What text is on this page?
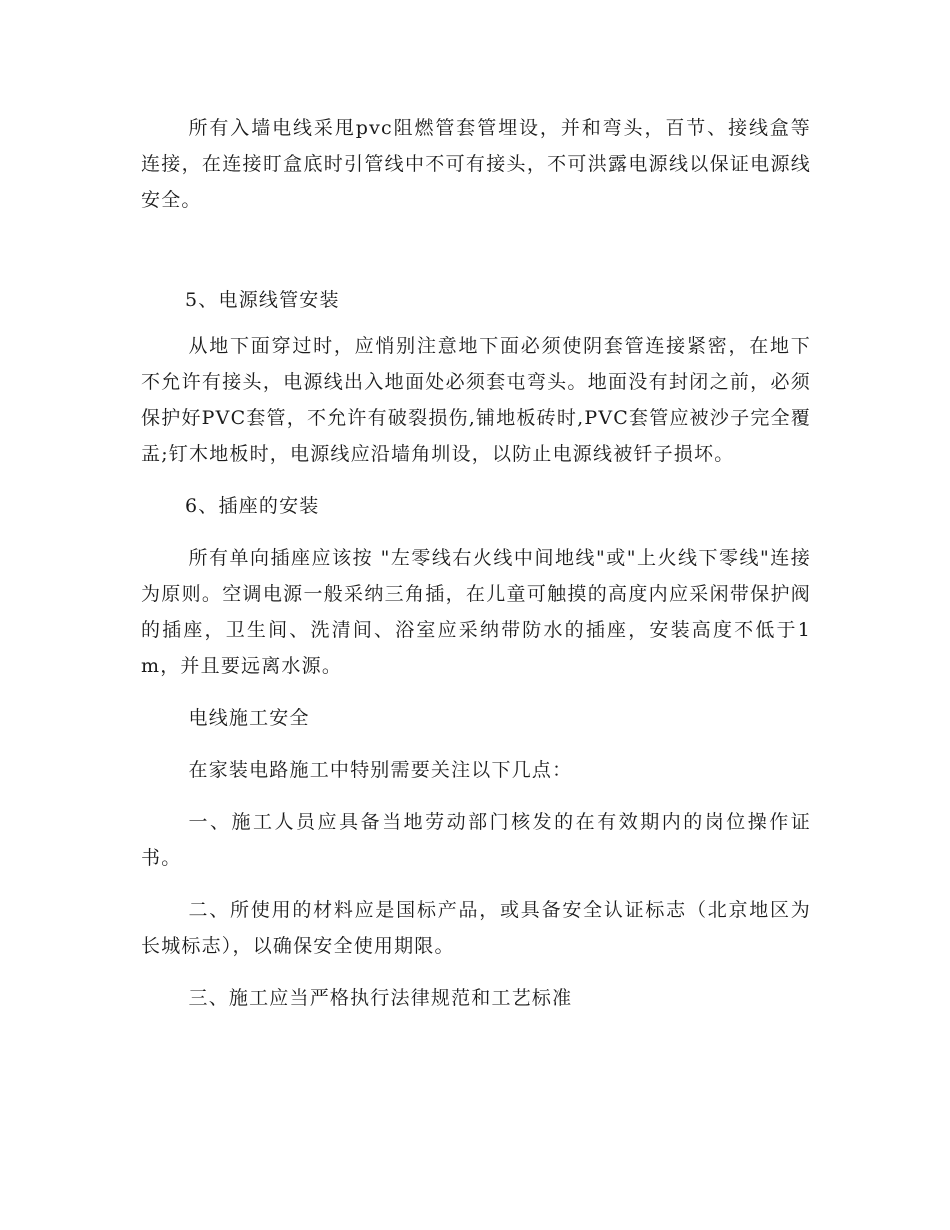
所有入墙电线采甩pvc阻燃管套管埋设，并和弯头，百节、接线盒等连接，在连接盯盒底时引管线中不可有接头，不可洪露电源线以保证电源线安全。

5、电源线管安装

从地下面穿过时，应悄别注意地下面必须使阴套管连接紧密，在地下不允许有接头，电源线出入地面处必须套屯弯头。地面没有封闭之前，必须保护好PVC套管，不允许有破裂损伤,铺地板砖时,PVC套管应被沙子完全覆盂;钉木地板时，电源线应沿墙角圳设，以防止电源线被钎子损坏。

6、插座的安装

所有单向插座应该按 "左零线右火线中间地线"或"上火线下零线"连接为原则。空调电源一般采纳三角插，在儿童可触摸的高度内应采闲带保护阀的插座，卫生间、洗清间、浴室应采纳带防水的插座，安装高度不低于1m，并且要远离水源。

电线施工安全

在家装电路施工中特别需要关注以下几点：

一、施工人员应具备当地劳动部门核发的在有效期内的岗位操作证书。

二、所使用的材料应是国标产品，或具备安全认证标志（北京地区为长城标志），以确保安全使用期限。

三、施工应当严格执行法律规范和工艺标准
